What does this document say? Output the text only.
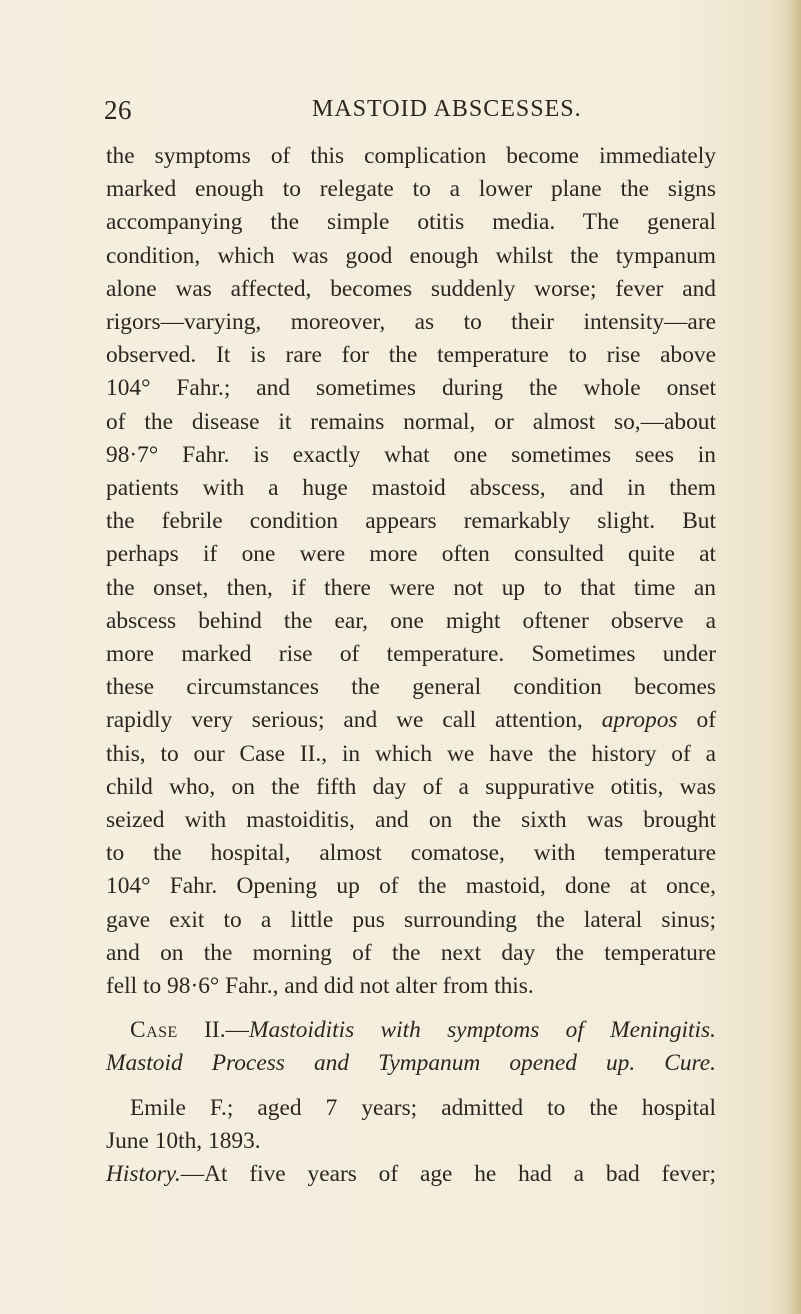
26	MASTOID ABSCESSES.
the symptoms of this complication become immediately
marked enough to relegate to a lower plane the signs
accompanying the simple otitis media. The general
condition, which was good enough whilst the tympanum
alone was affected, becomes suddenly worse; fever and
rigors—varying, moreover, as to their intensity—are
observed. It is rare for the temperature to rise above
104° Fahr.; and sometimes during the whole onset
of the disease it remains normal, or almost so,—about
98·7° Fahr. is exactly what one sometimes sees in
patients with a huge mastoid abscess, and in them
the febrile condition appears remarkably slight. But
perhaps if one were more often consulted quite at
the onset, then, if there were not up to that time an
abscess behind the ear, one might oftener observe a
more marked rise of temperature. Sometimes under
these circumstances the general condition becomes
rapidly very serious; and we call attention, apropos of
this, to our Case II., in which we have the history of a
child who, on the fifth day of a suppurative otitis, was
seized with mastoiditis, and on the sixth was brought
to the hospital, almost comatose, with temperature
104° Fahr. Opening up of the mastoid, done at once,
gave exit to a little pus surrounding the lateral sinus;
and on the morning of the next day the temperature
fell to 98·6° Fahr., and did not alter from this.
Case II.—Mastoiditis with symptoms of Meningitis.
Mastoid Process and Tympanum opened up. Cure.
Emile F.; aged 7 years; admitted to the hospital
June 10th, 1893.
History.—At five years of age he had a bad fever;
